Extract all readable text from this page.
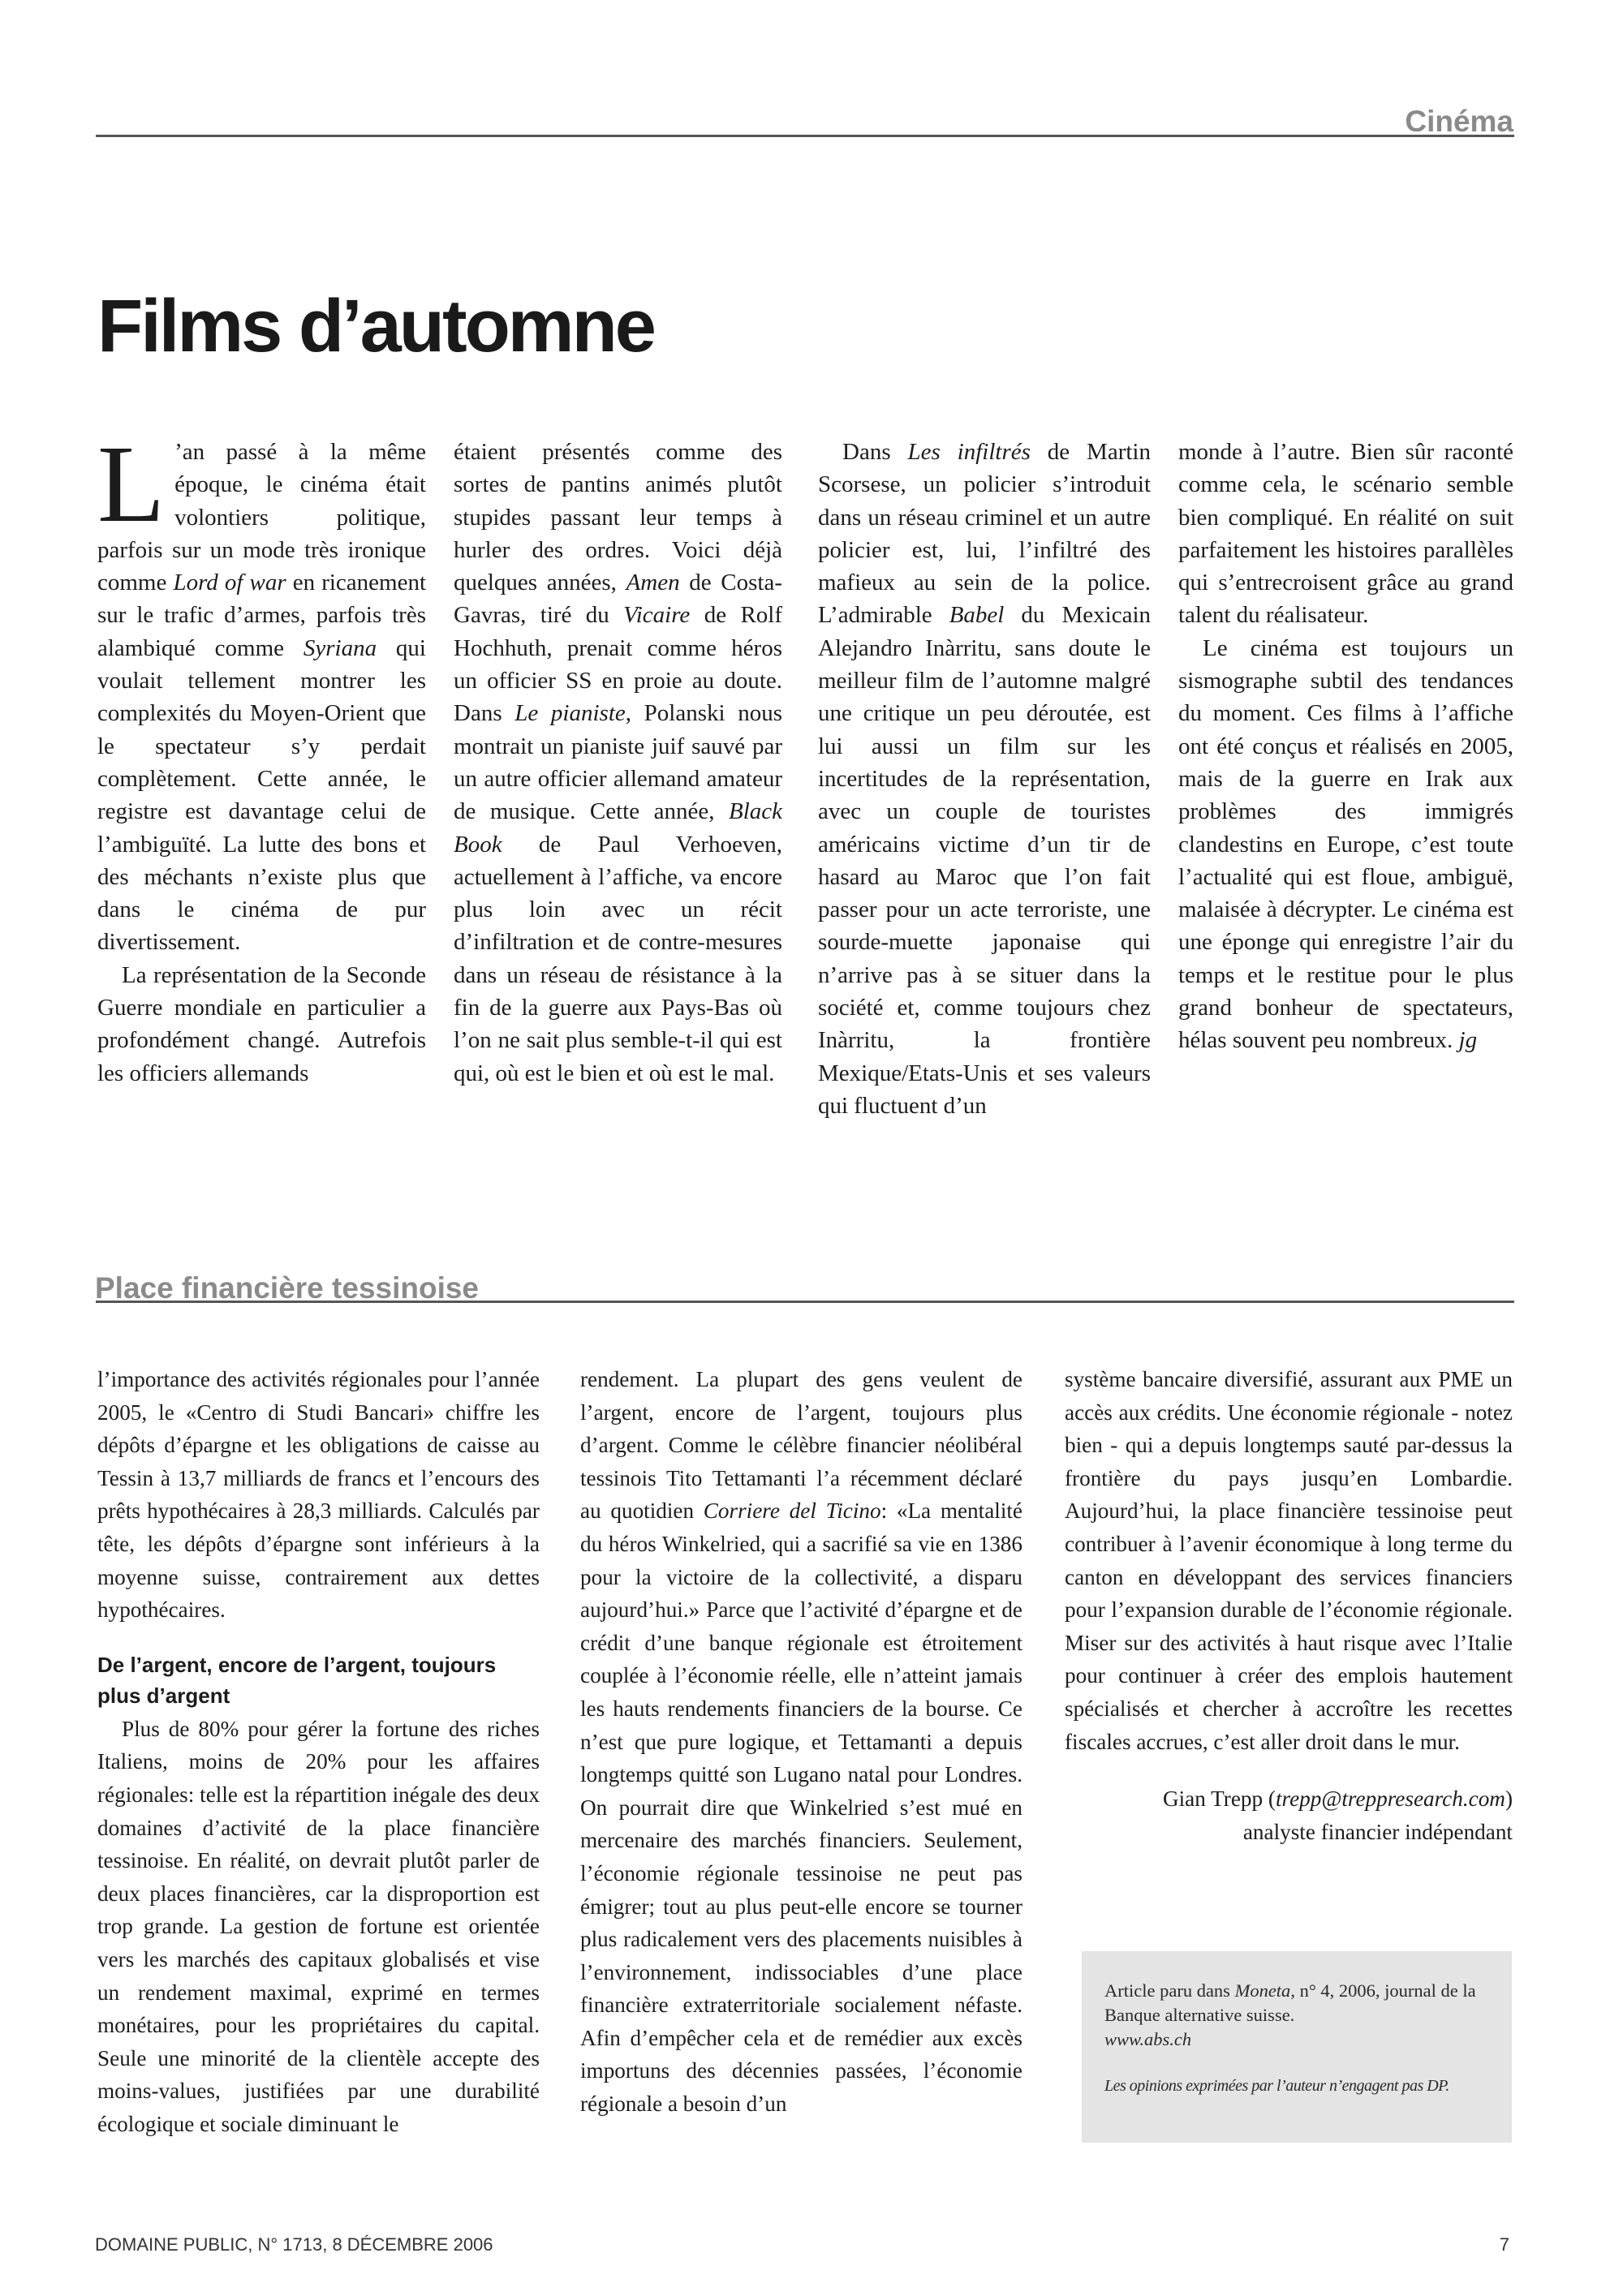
Cinéma
Films d’automne
L ’an passé à la même époque, le cinéma était volontiers politique, parfois sur un mode très ironique comme Lord of war en ricanement sur le trafic d’armes, parfois très alambiqué comme Syriana qui voulait tellement montrer les complexités du Moyen-Orient que le spectateur s’y perdait complètement. Cette année, le registre est davantage celui de l’ambiguïté. La lutte des bons et des méchants n’existe plus que dans le cinéma de pur divertissement.

La représentation de la Seconde Guerre mondiale en particulier a profondément changé. Autrefois les officiers allemands

étaient présentés comme des sortes de pantins animés plutôt stupides passant leur temps à hurler des ordres. Voici déjà quelques années, Amen de Costa-Gavras, tiré du Vicaire de Rolf Hochhuth, prenait comme héros un officier SS en proie au doute. Dans Le pianiste, Polanski nous montrait un pianiste juif sauvé par un autre officier allemand amateur de musique. Cette année, Black Book de Paul Verhoeven, actuellement à l’affiche, va encore plus loin avec un récit d’infiltration et de contre-mesures dans un réseau de résistance à la fin de la guerre aux Pays-Bas où l’on ne sait plus semble-t-il qui est qui, où est le bien et où est le mal.

Dans Les infiltrés de Martin Scorsese, un policier s’introduit dans un réseau criminel et un autre policier est, lui, l’infiltré des mafieux au sein de la police. L’admirable Babel du Mexicain Alejandro Inàrritu, sans doute le meilleur film de l’automne malgré une critique un peu déroutée, est lui aussi un film sur les incertitudes de la représentation, avec un couple de touristes américains victime d’un tir de hasard au Maroc que l’on fait passer pour un acte terroriste, une sourde-muette japonaise qui n’arrive pas à se situer dans la société et, comme toujours chez Inàrritu, la frontière Mexique/Etats-Unis et ses valeurs qui fluctuent d’un

monde à l’autre. Bien sûr raconté comme cela, le scénario semble bien compliqué. En réalité on suit parfaitement les histoires parallèles qui s’entrecroisent grâce au grand talent du réalisateur.

Le cinéma est toujours un sismographe subtil des tendances du moment. Ces films à l’affiche ont été conçus et réalisés en 2005, mais de la guerre en Irak aux problèmes des immigrés clandestins en Europe, c’est toute l’actualité qui est floue, ambiguë, malaisée à décrypter. Le cinéma est une éponge qui enregistre l’air du temps et le restitue pour le plus grand bonheur de spectateurs, hélas souvent peu nombreux. jg

Place financière tessinoise

l’importance des activités régionales pour l’année 2005, le «Centro di Studi Bancari» chiffre les dépôts d’épargne et les obligations de caisse au Tessin à 13,7 milliards de francs et l’encours des prêts hypothécaires à 28,3 milliards. Calculés par tête, les dépôts d’épargne sont inférieurs à la moyenne suisse, contrairement aux dettes hypothécaires.

De l’argent, encore de l’argent, toujours plus d’argent

Plus de 80% pour gérer la fortune des riches Italiens, moins de 20% pour les affaires régionales: telle est la répartition inégale des deux domaines d’activité de la place financière tessinoise. En réalité, on devrait plutôt parler de deux places financières, car la disproportion est trop grande. La gestion de fortune est orientée vers les marchés des capitaux globalisés et vise un rendement maximal, exprimé en termes monétaires, pour les propriétaires du capital. Seule une minorité de la clientèle accepte des moins-values, justifiées par une durabilité écologique et sociale diminuant le

rendement. La plupart des gens veulent de l’argent, encore de l’argent, toujours plus d’argent. Comme le célèbre financier néolibéral tessinois Tito Tettamanti l’a récemment déclaré au quotidien Corriere del Ticino: «La mentalité du héros Winkelried, qui a sacrifié sa vie en 1386 pour la victoire de la collectivité, a disparu aujourd’hui.» Parce que l’activité d’épargne et de crédit d’une banque régionale est étroitement couplée à l’économie réelle, elle n’atteint jamais les hauts rendements financiers de la bourse. Ce n’est que pure logique, et Tettamanti a depuis longtemps quitté son Lugano natal pour Londres. On pourrait dire que Winkelried s’est mué en mercenaire des marchés financiers. Seulement, l’économie régionale tessinoise ne peut pas émigrer; tout au plus peut-elle encore se tourner plus radicalement vers des placements nuisibles à l’environnement, indissociables d’une place financière extraterritoriale socialement néfaste. Afin d’empêcher cela et de remédier aux excès importuns des décennies passées, l’économie régionale a besoin d’un

système bancaire diversifié, assurant aux PME un accès aux crédits. Une économie régionale - notez bien - qui a depuis longtemps sauté par-dessus la frontière du pays jusqu’en Lombardie. Aujourd’hui, la place financière tessinoise peut contribuer à l’avenir économique à long terme du canton en développant des services financiers pour l’expansion durable de l’économie régionale. Miser sur des activités à haut risque avec l’Italie pour continuer à créer des emplois hautement spécialisés et chercher à accroître les recettes fiscales accrues, c’est aller droit dans le mur.

Gian Trepp (trepp@treppresearch.com)
analyste financier indépendant
Article paru dans Moneta, n° 4, 2006, journal de la Banque alternative suisse.
www.abs.ch
Les opinions exprimées par l’auteur n’engagent pas DP.
DOMAINE PUBLIC, N° 1713, 8 DÉCEMBRE 2006	7
